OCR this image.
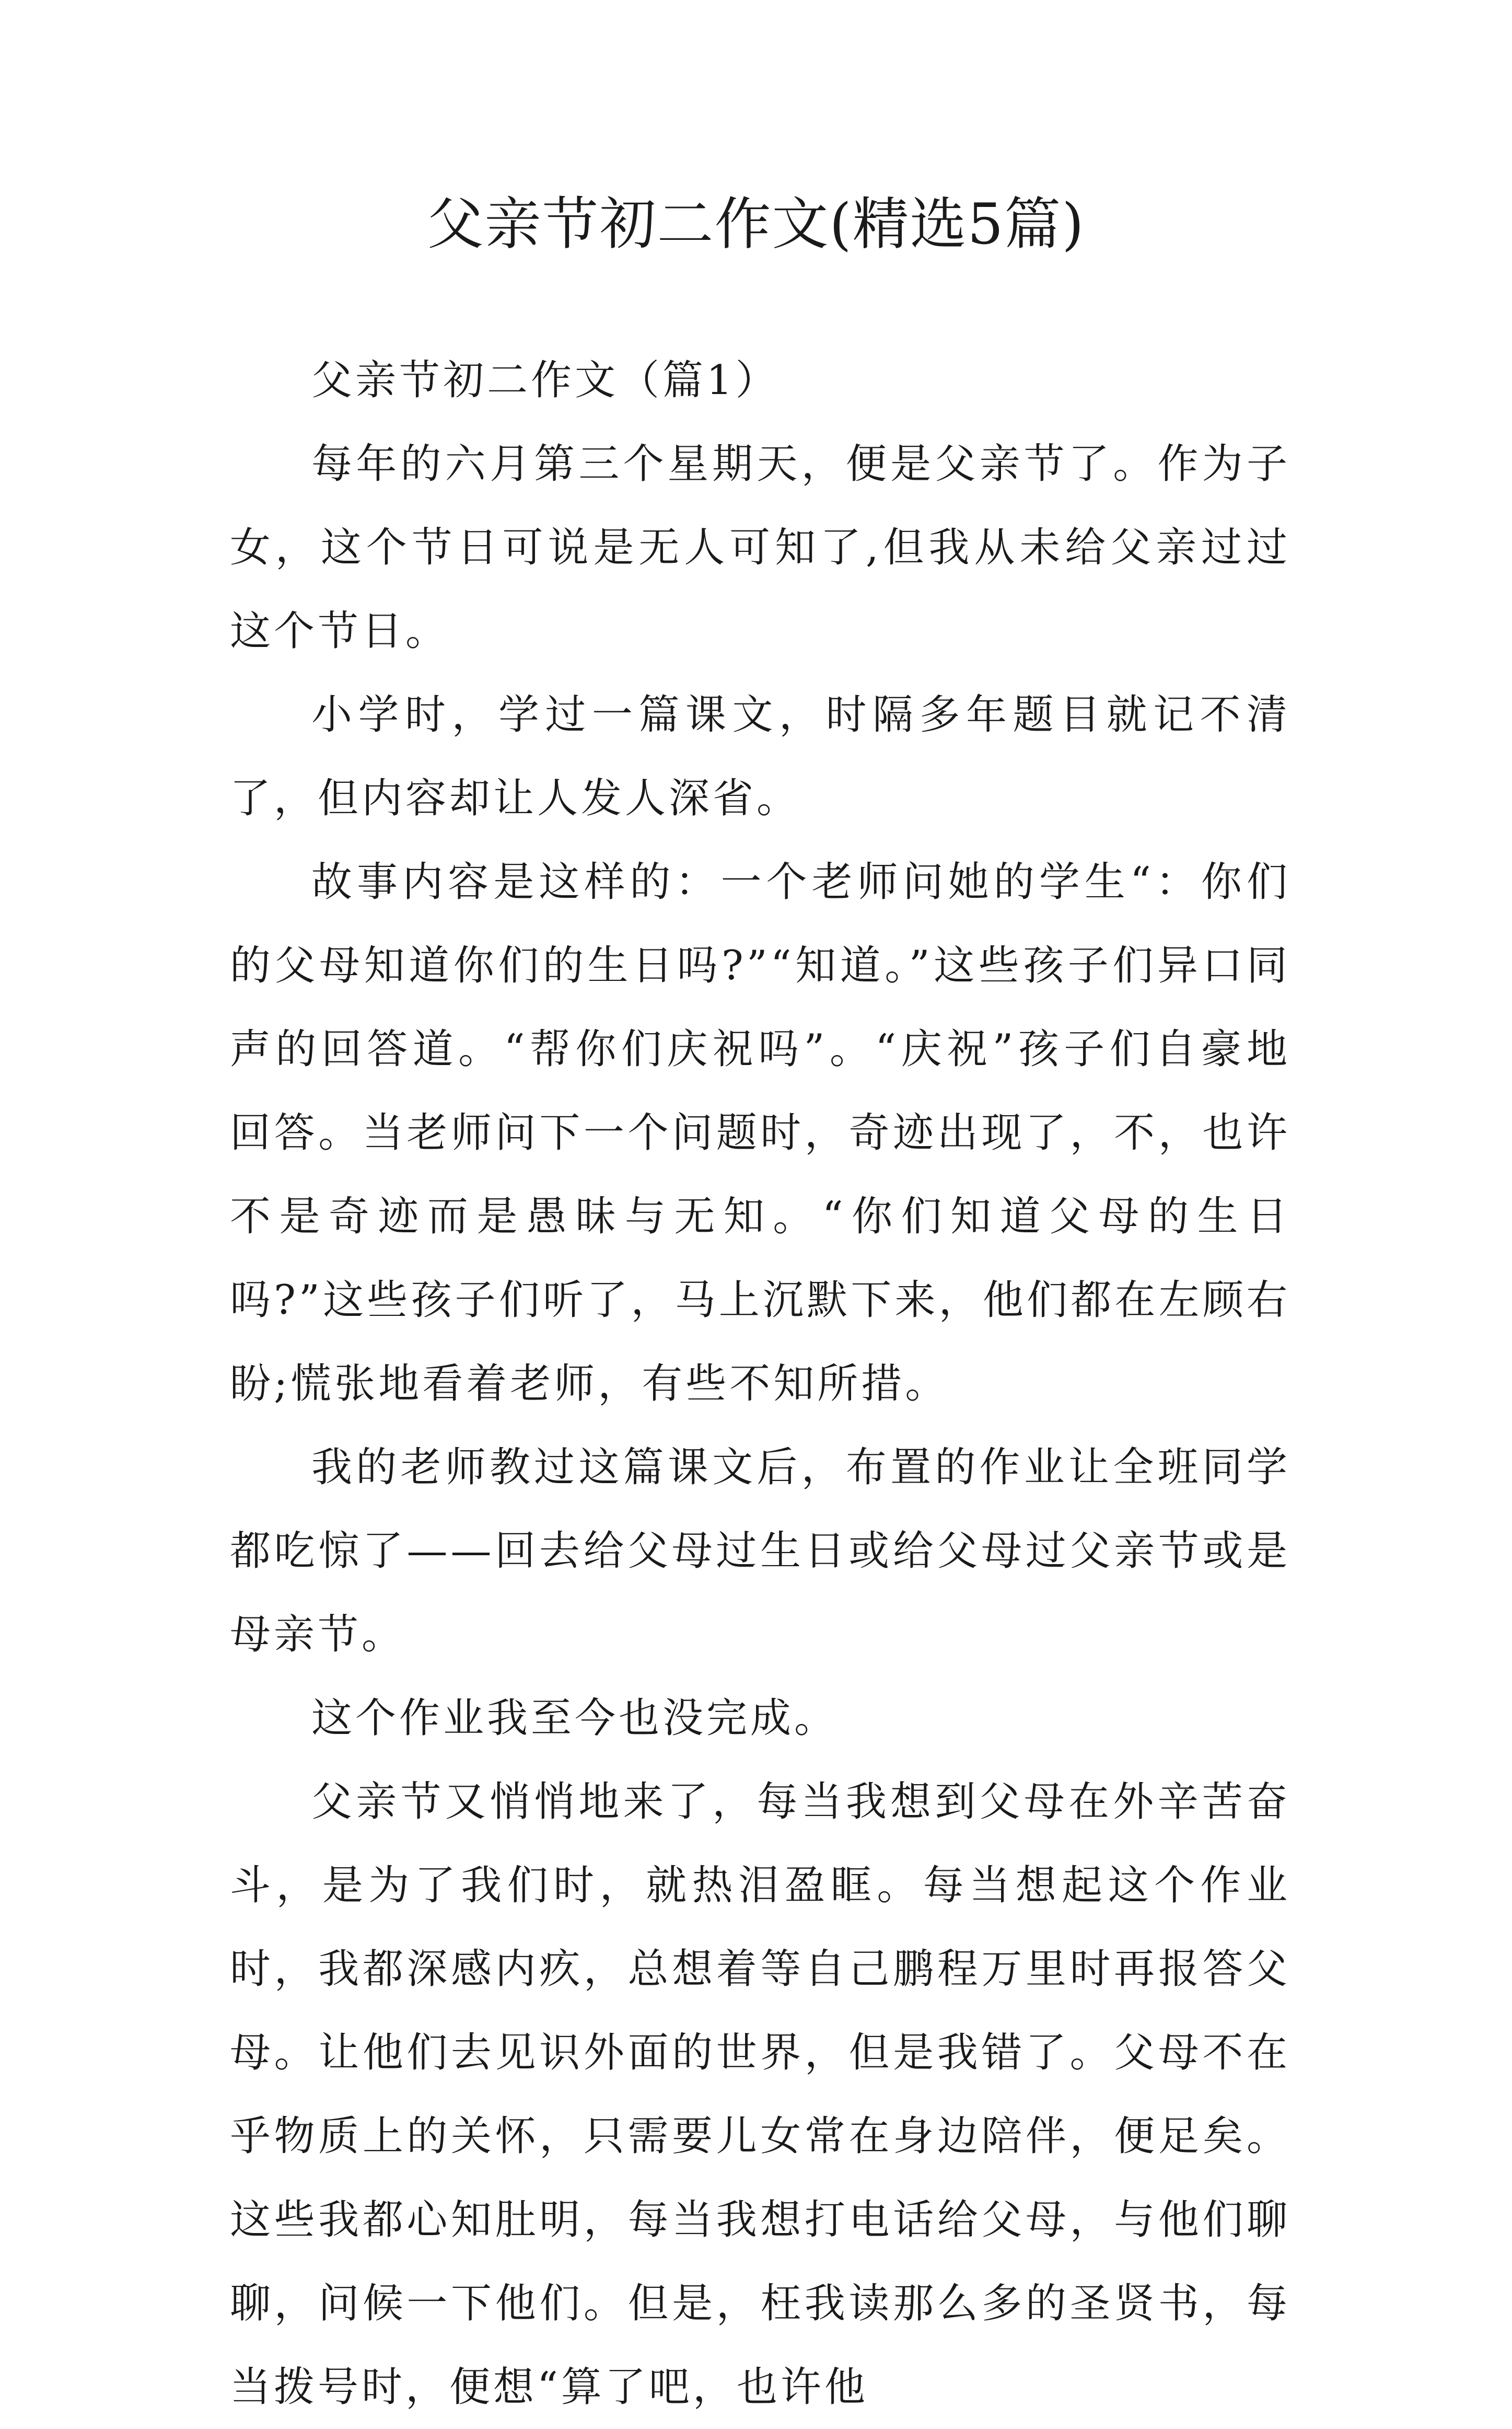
父亲节初二作文(精选5篇)

父亲节初二作文（篇1）

每年的六月第三个星期天，便是父亲节了。作为子女，这个节日可说是无人可知了,但我从未给父亲过过这个节日。

小学时，学过一篇课文，时隔多年题目就记不清了，但内容却让人发人深省。

故事内容是这样的：一个老师问她的学生“：你们的父母知道你们的生日吗?”“知道。”这些孩子们异口同声的回答道。“帮你们庆祝吗”。“庆祝”孩子们自豪地回答。当老师问下一个问题时，奇迹出现了，不，也许不是奇迹而是愚昧与无知。“你们知道父母的生日吗?”这些孩子们听了，马上沉默下来，他们都在左顾右盼;慌张地看着老师，有些不知所措。

我的老师教过这篇课文后，布置的作业让全班同学都吃惊了——回去给父母过生日或给父母过父亲节或是母亲节。

这个作业我至今也没完成。

父亲节又悄悄地来了，每当我想到父母在外辛苦奋斗，是为了我们时，就热泪盈眶。每当想起这个作业时，我都深感内疚，总想着等自己鹏程万里时再报答父母。让他们去见识外面的世界，但是我错了。父母不在乎物质上的关怀，只需要儿女常在身边陪伴，便足矣。这些我都心知肚明，每当我想打电话给父母，与他们聊聊，问候一下他们。但是，枉我读那么多的圣贤书，每当拨号时，便想“算了吧，也许他
